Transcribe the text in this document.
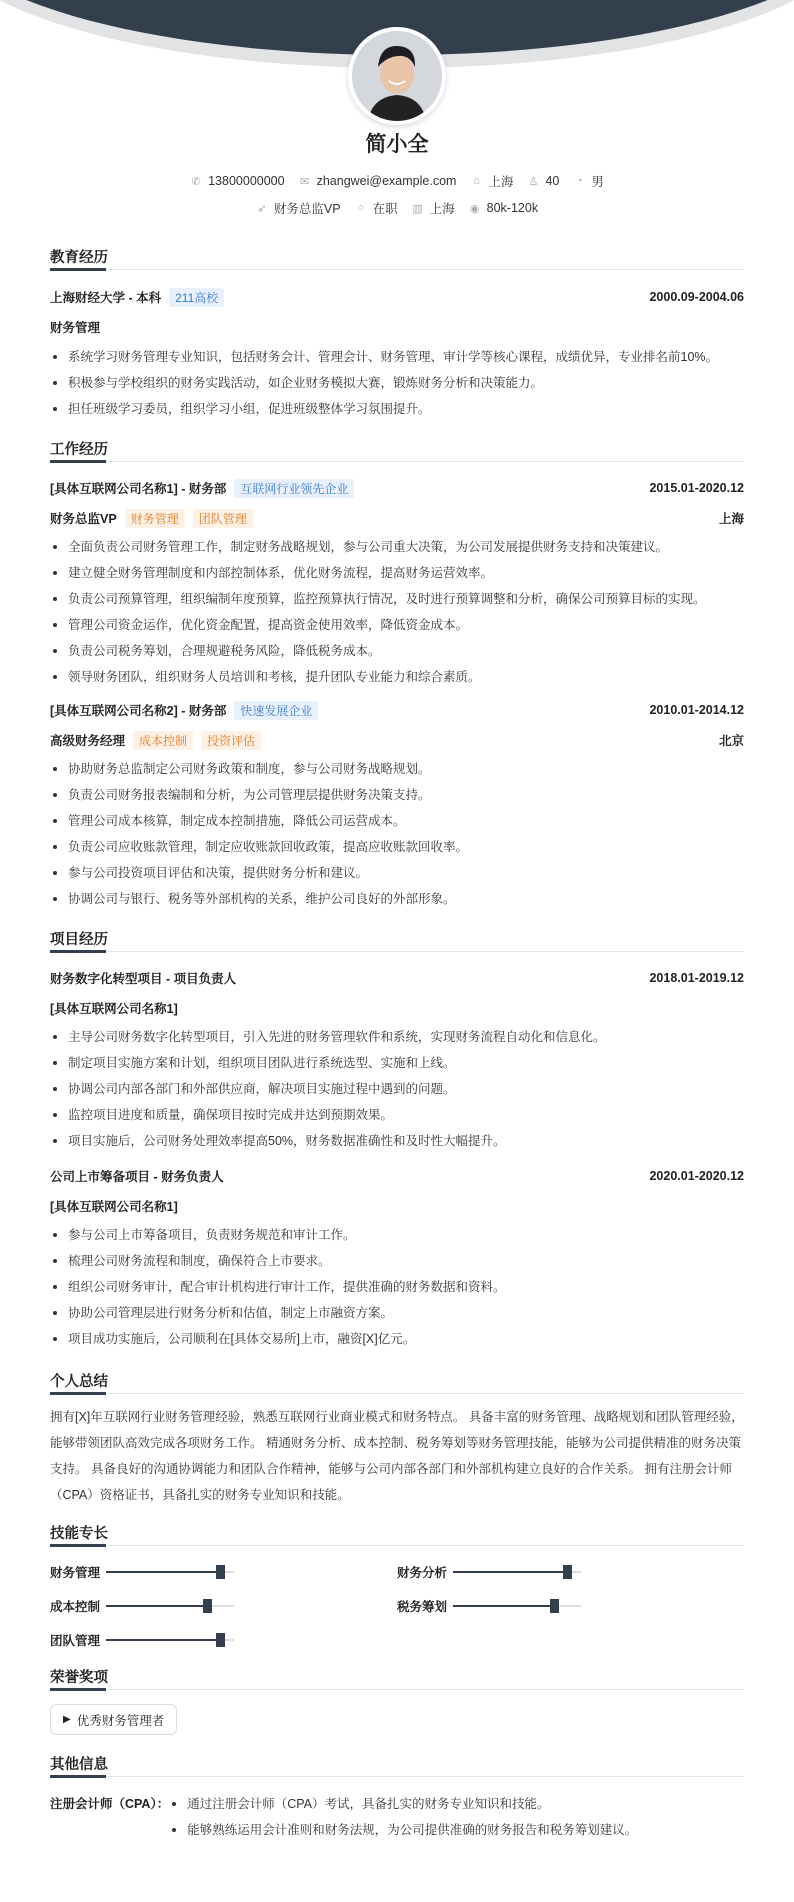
简小全
✆ 13800000000 ✉ zhangwei@example.com ⌂ 上海 ♙ 40 ◔ 男
➶ 财务总监VP ○ 在职 ▥ 上海 ◉ 80k-120k
教育经历
上海财经大学 - 本科 211高校	2000.09-2004.06
财务管理
系统学习财务管理专业知识，包括财务会计、管理会计、财务管理、审计学等核心课程，成绩优异，专业排名前10%。
积极参与学校组织的财务实践活动，如企业财务模拟大赛，锻炼财务分析和决策能力。
担任班级学习委员，组织学习小组，促进班级整体学习氛围提升。
工作经历
[具体互联网公司名称1] - 财务部 互联网行业领先企业	2015.01-2020.12
财务总监VP 财务管理 团队管理	上海
全面负责公司财务管理工作，制定财务战略规划，参与公司重大决策，为公司发展提供财务支持和决策建议。
建立健全财务管理制度和内部控制体系，优化财务流程，提高财务运营效率。
负责公司预算管理，组织编制年度预算，监控预算执行情况，及时进行预算调整和分析，确保公司预算目标的实现。
管理公司资金运作，优化资金配置，提高资金使用效率，降低资金成本。
负责公司税务筹划，合理规避税务风险，降低税务成本。
领导财务团队，组织财务人员培训和考核，提升团队专业能力和综合素质。
[具体互联网公司名称2] - 财务部 快速发展企业	2010.01-2014.12
高级财务经理 成本控制 投资评估	北京
协助财务总监制定公司财务政策和制度，参与公司财务战略规划。
负责公司财务报表编制和分析，为公司管理层提供财务决策支持。
管理公司成本核算，制定成本控制措施，降低公司运营成本。
负责公司应收账款管理，制定应收账款回收政策，提高应收账款回收率。
参与公司投资项目评估和决策，提供财务分析和建议。
协调公司与银行、税务等外部机构的关系，维护公司良好的外部形象。
项目经历
财务数字化转型项目 - 项目负责人	2018.01-2019.12
[具体互联网公司名称1]
主导公司财务数字化转型项目，引入先进的财务管理软件和系统，实现财务流程自动化和信息化。
制定项目实施方案和计划，组织项目团队进行系统选型、实施和上线。
协调公司内部各部门和外部供应商，解决项目实施过程中遇到的问题。
监控项目进度和质量，确保项目按时完成并达到预期效果。
项目实施后，公司财务处理效率提高50%，财务数据准确性和及时性大幅提升。
公司上市筹备项目 - 财务负责人	2020.01-2020.12
[具体互联网公司名称1]
参与公司上市筹备项目，负责财务规范和审计工作。
梳理公司财务流程和制度，确保符合上市要求。
组织公司财务审计，配合审计机构进行审计工作，提供准确的财务数据和资料。
协助公司管理层进行财务分析和估值，制定上市融资方案。
项目成功实施后，公司顺利在[具体交易所]上市，融资[X]亿元。
个人总结

拥有[X]年互联网行业财务管理经验，熟悉互联网行业商业模式和财务特点。 具备丰富的财务管理、战略规划和团队管理经验，能够带领团队高效完成各项财务工作。 精通财务分析、成本控制、税务筹划等财务管理技能，能够为公司提供精准的财务决策支持。 具备良好的沟通协调能力和团队合作精神，能够与公司内部各部门和外部机构建立良好的合作关系。 拥有注册会计师（CPA）资格证书，具备扎实的财务专业知识和技能。

技能专长
财务管理	财务分析
成本控制	税务筹划
团队管理
荣誉奖项
▶ 优秀财务管理者
其他信息
注册会计师（CPA）：	通过注册会计师（CPA）考试，具备扎实的财务专业知识和技能。
能够熟练运用会计准则和财务法规，为公司提供准确的财务报告和税务筹划建议。
